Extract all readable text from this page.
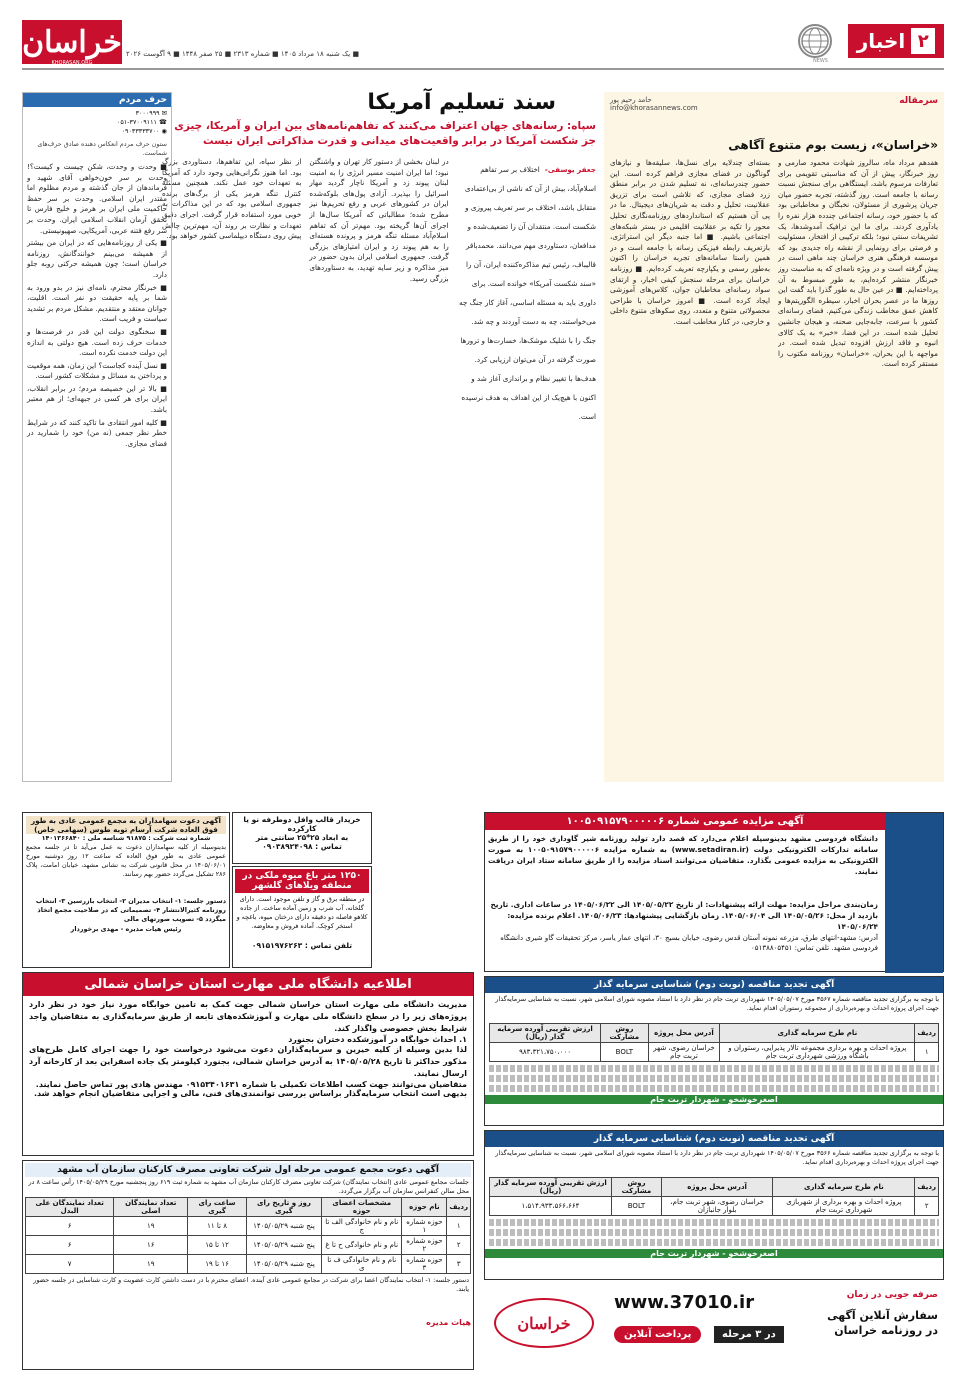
۲
اخبار
NEWS
خراسان
KHORASAN.ORG
■ یک شنبه ۱۸ مرداد ۱۴۰۵ ■ شماره ۲۳۱۳ ■ ۲۵ صفر ۱۴۴۸ ■ ۹ آگوست ۲۰۲۶
سرمقاله
حامد رحیم پور
info@khorasannews.com
«خراسان»، زیست بوم متنوع آگاهی
هفدهم مرداد ماه، سالروز شهادت محمود صارمی و روز خبرنگار، پیش از آن که مناسبتی تقویمی برای تعارفات مرسوم باشد، ایستگاهی برای سنجش نسبت رسانه با جامعه است. روز گذشته، تجربه حضور میان جریان پرشوری از مسئولان، نخبگان و مخاطبانی بود که با حضور خود، رسانه اجتماعی چندده هزار نفره را یادآوری کردند. برای ما این ترافیک آمدوشدها، یک تشریفات سنتی نبود؛ بلکه ترکیبی از افتخار، مسئولیت و فرصتی برای رونمایی از نقشه راه جدیدی بود که موسسه فرهنگی هنری خراسان چند ماهی است در پیش گرفته است و در ویژه نامه‌ای که به مناسبت روز خبرنگار منتشر کرده‌ایم، به طور مبسوط به آن پرداخته‌ایم. ■ در عین حال به طور گذرا باید گفت این روزها ما در عصر بحران اخبار، سیطره الگوریتم‌ها و کاهش عمق مخاطب زندگی می‌کنیم. فضای رسانه‌ای کشور با سرعت، جابه‌جایی صحنه، و هیجان جانشین تحلیل شده است. در این فضا، «خبر» به یک کالای انبوه و فاقد ارزش افزوده تبدیل شده است. در مواجهه با این بحران، «خراسان» روزنامه مکتوب را مستقر کرده است.
بسته‌ای چندلایه برای نسل‌ها، سلیقه‌ها و نیازهای گوناگون در فضای مجازی فراهم کرده است. این حضور چندرسانه‌ای، نه تسلیم شدن در برابر منطق زرد فضای مجازی، که تلاشی است برای تزریق عقلانیت، تحلیل و دقت به شریان‌های دیجیتال. ما در پی آن هستیم که استاندارد‌های روزنامه‌نگاری تحلیل محور را تکیه بر عقلانیت اقلیمی در بستر شبکه‌های اجتماعی باشیم. ■ اما جنبه دیگر این استراتژی، بازتعریف رابطه فیزیکی رسانه با جامعه است و در همین راستا سامانه‌های تجربه خراسان را اکنون به‌طور رسمی و یکپارچه تعریف کرده‌ایم. ■ روزنامه خراسان برای مرحله سنجش کیفی اخبار، و ارتقای سواد رسانه‌ای مخاطبان جوان، کلاس‌های آموزشی ایجاد کرده است. ■ امروز خراسان با طراحی محصولاتی متنوع و متعدد، روی سکوهای متنوع داخلی و خارجی، در کنار مخاطب است.
سند تسلیم آمریکا
سپاه: رسانه‌های جهان اعتراف می‌کنند که تفاهم‌نامه‌های بین ایران و آمریکا، چیزی جز شکست آمریکا در برابر واقعیت‌های میدانی و قدرت مذاکراتی ایران نیست
جعفر یوسفی- اختلاف بر سر تفاهم اسلام‌آباد، بیش از آن که ناشی از بی‌اعتمادی متقابل باشد، اختلاف بر سر تعریف پیروزی و شکست است. منتقدان آن را تضعیف‌شده و مدافعان، دستاوردی مهم می‌دانند. محمدباقر قالیباف، رئیس تیم مذاکره‌کننده ایران، آن را «سند شکست آمریکا» خوانده است. برای داوری باید به مسئله اساسی، آغاز کار جنگ چه می‌خواستند، چه به دست آوردند و چه شد. جنگ را با شلیک موشک‌ها، خسارت‌ها و ترورها صورت گرفته در آن می‌توان ارزیابی کرد. هدف‌ها با تغییر نظام و براندازی آغاز شد و اکنون با هیچ‌یک از این اهداف به هدف نرسیده است.
در لبنان بخشی از دستور کار تهران و واشنگتن نبود؛ اما ایران امنیت مسیر انرژی را به امنیت لبنان پیوند زد و آمریکا ناچار گرديد مهار اسرائیل را بپذیرد. آزادی پول‌های بلوکه‌شده ایران در کشورهای عربی و رفع تحریم‌ها نیز مطرح شده؛ مطالباتی که آمریکا سال‌ها از اجرای آن‌ها گریخته بود. مهم‌تر آن که تفاهم اسلام‌آباد مسئله تنگه هرمز و پرونده هسته‌ای را به هم پیوند زد و ایران امتیازهای بزرگی گرفت. جمهوری اسلامی ایران بدون حضور در میز مذاکره و زیر سایه تهدید، به دستاوردهای بزرگی رسید.
از نظر سپاه، این تفاهم‌ها، دستاوردی بزرگ بود. اما هنوز نگرانی‌هایی وجود دارد که آمریکا به تعهدات خود عمل نکند. همچنین مسئله کنترل تنگه هرمز یکی از برگ‌های برنده جمهوری اسلامی بود که در این مذاکرات به خوبی مورد استفاده قرار گرفت. اجرای دقیق تعهدات و نظارت بر روند آن، مهم‌ترین چالش پیش روی دستگاه دیپلماسی کشور خواهد بود.
حرف مردم
✉ ۳۰۰۰۹۹۹
☎ ۰۵۱-۳۷۰۰۹۱۱۱
◉ ۰۹۰۳۳۳۳۳۷۰۰
ستون حرف مردم انعکاس دهنده صادق حرف‌های شماست.
■ وحدت و وحدت، شکن چیست و کیست؟! وحدت بر سر خون‌خواهی آقای شهید و فرماندهان از جان گذشته و مردم مظلوم اما مقتدر ایران اسلامی. وحدت بر سر حفظ حاکمیت ملی ایران بر هرمز و خلیج فارس تا تحقق آرمان انقلاب اسلامی ایران. وحدت بر سر رفع فتنه عربی، آمریکایی، صهیونیستی.
■ یکی از روزنامه‌هایی که در ایران من بیشتر از همیشه می‌بینم خوانندگانش، روزنامه خراسان است؛ چون همیشه حرکتی روبه جلو دارد.
■ خبرنگار محترم، نامه‌ای نیز در بدو ورود به شما بر پایه حقیقت دو نفر است. اقلیت، جوانان معتقد و منتقدیم. مشکل مردم بر تشدید سیاست و فریب است.
■ سخنگوی دولت این قدر در فرصت‌ها و خدمات حرف زده است. هیچ دولتی به اندازه این دولت خدمت نکرده است.
■ نسل آینده کجاست؟ این زمان، همه موقعیت و پرداختن به مسائل و مشکلات کشور است.
■ بالا تر این خصیصه مردم؛ در برابر انقلاب، ایران برای هر کسی در جبهه‌ای؛ از هم معتبر باشد.
■ کلیه امور انتقادی ما تاکید کنند که در شرایط خطر نظر جمعی (نه من) خود را شمارید در فضای مجازی.
خریدار قالب وافل دوطرفه نو یا کارکرده
به ابعاد ۲۵*۲۵ سانتی متر
تماس : ۰۹۰۳۸۹۲۴۰۹۸
۱۲۵۰ متر باغ میوه ملکی در منطقه ویلاهای گلشهر
در منطقه برق و گاز و تلفن موجود است. دارای گلخانه، آب شرب و زمین آماده ساخت. از جاده کلاهو فاصله دو دقیقه دارای درختان میوه، باغچه و استخر کوچک. آماده فروش و معاوضه.
تلفن تماس : ۰۹۱۵۱۹۷۶۲۶۳
آگهی دعوت سهامداران به مجمع عمومی عادی به طور فوق العاده شرکت آرسام توبه طوس (سهامی خاص)
شماره ثبت شرکت : ۹۱۸۷۵ شناسه ملی : ۱۴۰۱۳۶۶۸۴۰
بدینوسیله از کلیه سهامداران دعوت به عمل می‌آید تا در جلسه مجمع عمومی عادی به طور فوق العاده که ساعت ۱۲ روز دوشنبه مورخ ۱۴۰۵/۰۶/۰۱ در محل قانونی شرکت به نشانی مشهد، خیابان امامت، پلاک ۲۸۶ تشکیل می‌گردد حضور بهم رسانند.
دستور جلسه: ۱- انتخاب مدیران ۲- انتخاب بازرسین ۳- انتخاب روزنامه کثیرالانتشار ۴- تصمیماتی که در صلاحیت مجمع اتخاذ میگردد ۵- تصویب صورتهای مالی
رئیس هیات مدیره - مهدی برخوردار
اطلاعیه دانشگاه ملی مهارت استان خراسان شمالی
مدیریت دانشگاه ملی مهارت استان خراسان شمالی جهت کمک به تامین خوابگاه مورد نیاز خود در نظر دارد پروژه‌های زیر را در سطح دانشگاه ملی مهارت و آموزشکده‌های تابعه از طریق سرمایه‌گذاری به متقاضیان واجد شرایط بخش خصوصی واگذار کند.
۱. احداث خوابگاه در آموزشکده دختران بجنورد
لذا بدین وسیله از کلیه خیرین و سرمایه‌گذاران دعوت می‌شود درخواست خود را جهت اجرای کامل طرح‌های مذکور حداکثر تا تاریخ ۱۴۰۵/۰۵/۲۸ به آدرس خراسان شمالی، بجنورد کیلومتر یک جاده اسفراین بعد از کارخانه آرد ارسال نمایند.
متقاضیان می‌توانند جهت کسب اطلاعات تکمیلی با شماره ۰۹۱۵۳۴۰۱۶۳۱ مهندس هادی پور تماس حاصل نمایند.
بدیهی است انتخاب سرمایه‌گذار براساس بررسی توانمندی‌های فنی، مالی و اجرایی متقاضیان انجام خواهد شد.
آگهی دعوت مجمع عمومی مرحله اول شرکت تعاونی مصرف کارکنان سازمان آب مشهد
جلسات مجامع عمومی عادی (انتخاب نمایندگان) شرکت تعاونی مصرف کارکنان سازمان آب مشهد به شماره ثبت ۶۱۹ روز پنجشنبه مورخ ۱۴۰۵/۰۵/۲۹ رأس ساعت ۸ در محل سالن کنفرانس سازمان آب برگزار می‌گردد.
ردیف	نام حوزه	مشخصات اعضای حوزه	روز و تاریخ رای گیری	ساعت رای گیری	تعداد نمایندگان اصلی	تعداد نمایندگان علی البدل
۱	حوزه شماره ۱	نام و نام خانوادگی الف تا ج	پنج شنبه ۱۴۰۵/۰۵/۲۹	۸ تا ۱۱	۱۹	۶
۲	حوزه شماره ۲	نام و نام خانوادگی ح تا غ	پنج شنبه ۱۴۰۵/۰۵/۲۹	۱۲ تا ۱۵	۱۶	۶
۳	حوزه شماره ۳	نام و نام خانوادگی ف تا ی	پنج شنبه ۱۴۰۵/۰۵/۲۹	۱۶ تا ۱۹	۱۹	۷
دستور جلسه: ۱- انتخاب نمایندگان اعضا برای شرکت در مجامع عمومی عادی آینده. اعضای محترم با در دست داشتن کارت عضویت و کارت شناسایی در جلسه حضور یابند.
هیات مدیره
آگهی مزایده عمومی شماره ۱۰۰۵۰۹۱۵۷۹۰۰۰۰۰۶
دانشگاه فردوسی مشهد بدینوسیله اعلام می‌دارد که قصد دارد تولید روزنامه شیر گاوداری خود را از طریق سامانه تدارکات الکترونیکی دولت (www.setadiran.ir) به شماره مزایده ۱۰۰۵۰۹۱۵۷۹۰۰۰۰۰۶ به صورت الکترونیکی به مزایده عمومی بگذارد. متقاضیان می‌توانند اسناد مزایده را از طریق سامانه ستاد ایران دریافت نمایند.
زمان‌بندی مراحل مزایده: مهلت ارائه پیشنهادات: از تاریخ ۱۴۰۵/۰۵/۲۲ الی ۱۴۰۵/۰۶/۲۲ در ساعات اداری. تاریخ بازدید از محل: ۱۴۰۵/۰۵/۲۶ الی ۱۴۰۵/۰۶/۰۴. زمان بازگشایی پیشنهادها: ۱۴۰۵/۰۶/۲۳. اعلام برنده مزایده: ۱۴۰۵/۰۶/۲۴
آدرس: مشهد-انتهای طرق، مزرعه نمونه آستان قدس رضوی، خیابان بسیج ۳۰، انتهای عمار یاسر، مرکز تحقیقات گاو شیری دانشگاه فردوسی مشهد. تلفن تماس: ۰۵۱۳۸۸۰۵۴۵۱
آگهی تجدید مناقصه (نوبت دوم) شناسایی سرمایه گذار
با توجه به برگزاری تجدید مناقصه شماره ۳۵۶۷ مورخ ۱۴۰۵/۰۵/۰۷ شهرداری تربت جام در نظر دارد با استناد مصوبه شورای اسلامی شهر، نسبت به شناسایی سرمایه‌گذار جهت اجرای پروژه احداث و بهره‌برداری از مجموعه رستوران اقدام نماید.
ردیف	نام طرح سرمایه گذاری	آدرس محل پروژه	روش مشارکت	ارزش تقریبی آورده سرمایه گذار (ریال)
۱	پروژه احداث و بهره برداری مجموعه تالار پذیرایی، رستوران و باشگاه ورزشی شهرداری تربت جام	خراسان رضوی، شهر تربت جام	BOLT	۹۸۳،۳۲۱،۷۵۰،۰۰۰
اصغرخوشخو - شهردار تربت جام
آگهی تجدید مناقصه (نوبت دوم) شناسایی سرمایه گذار
با توجه به برگزاری تجدید مناقصه شماره ۳۵۶۶ مورخ ۱۴۰۵/۰۵/۰۷ شهرداری تربت جام در نظر دارد با استناد مصوبه شورای اسلامی شهر، نسبت به شناسایی سرمایه‌گذار جهت اجرای پروژه احداث و بهره‌برداری اقدام نماید.
ردیف	نام طرح سرمایه گذاری	آدرس محل پروژه	روش مشارکت	ارزش تقریبی آورده سرمایه گذار (ریال)
۲	پروژه احداث و بهره برداری از شهربازی شهرداری تربت جام	خراسان رضوی، شهر تربت جام، بلوار جانبازان	BOLT	۱،۵۱۴،۹۳۳،۵۶۶،۶۶۴
اصغرخوشخو - شهردار تربت جام
صرفه جویی در زمان
سفارش آنلاین آگهی در روزنامه خراسان
www.37010.ir
پرداخت آنلاین	در ۳ مرحله
خراسان
